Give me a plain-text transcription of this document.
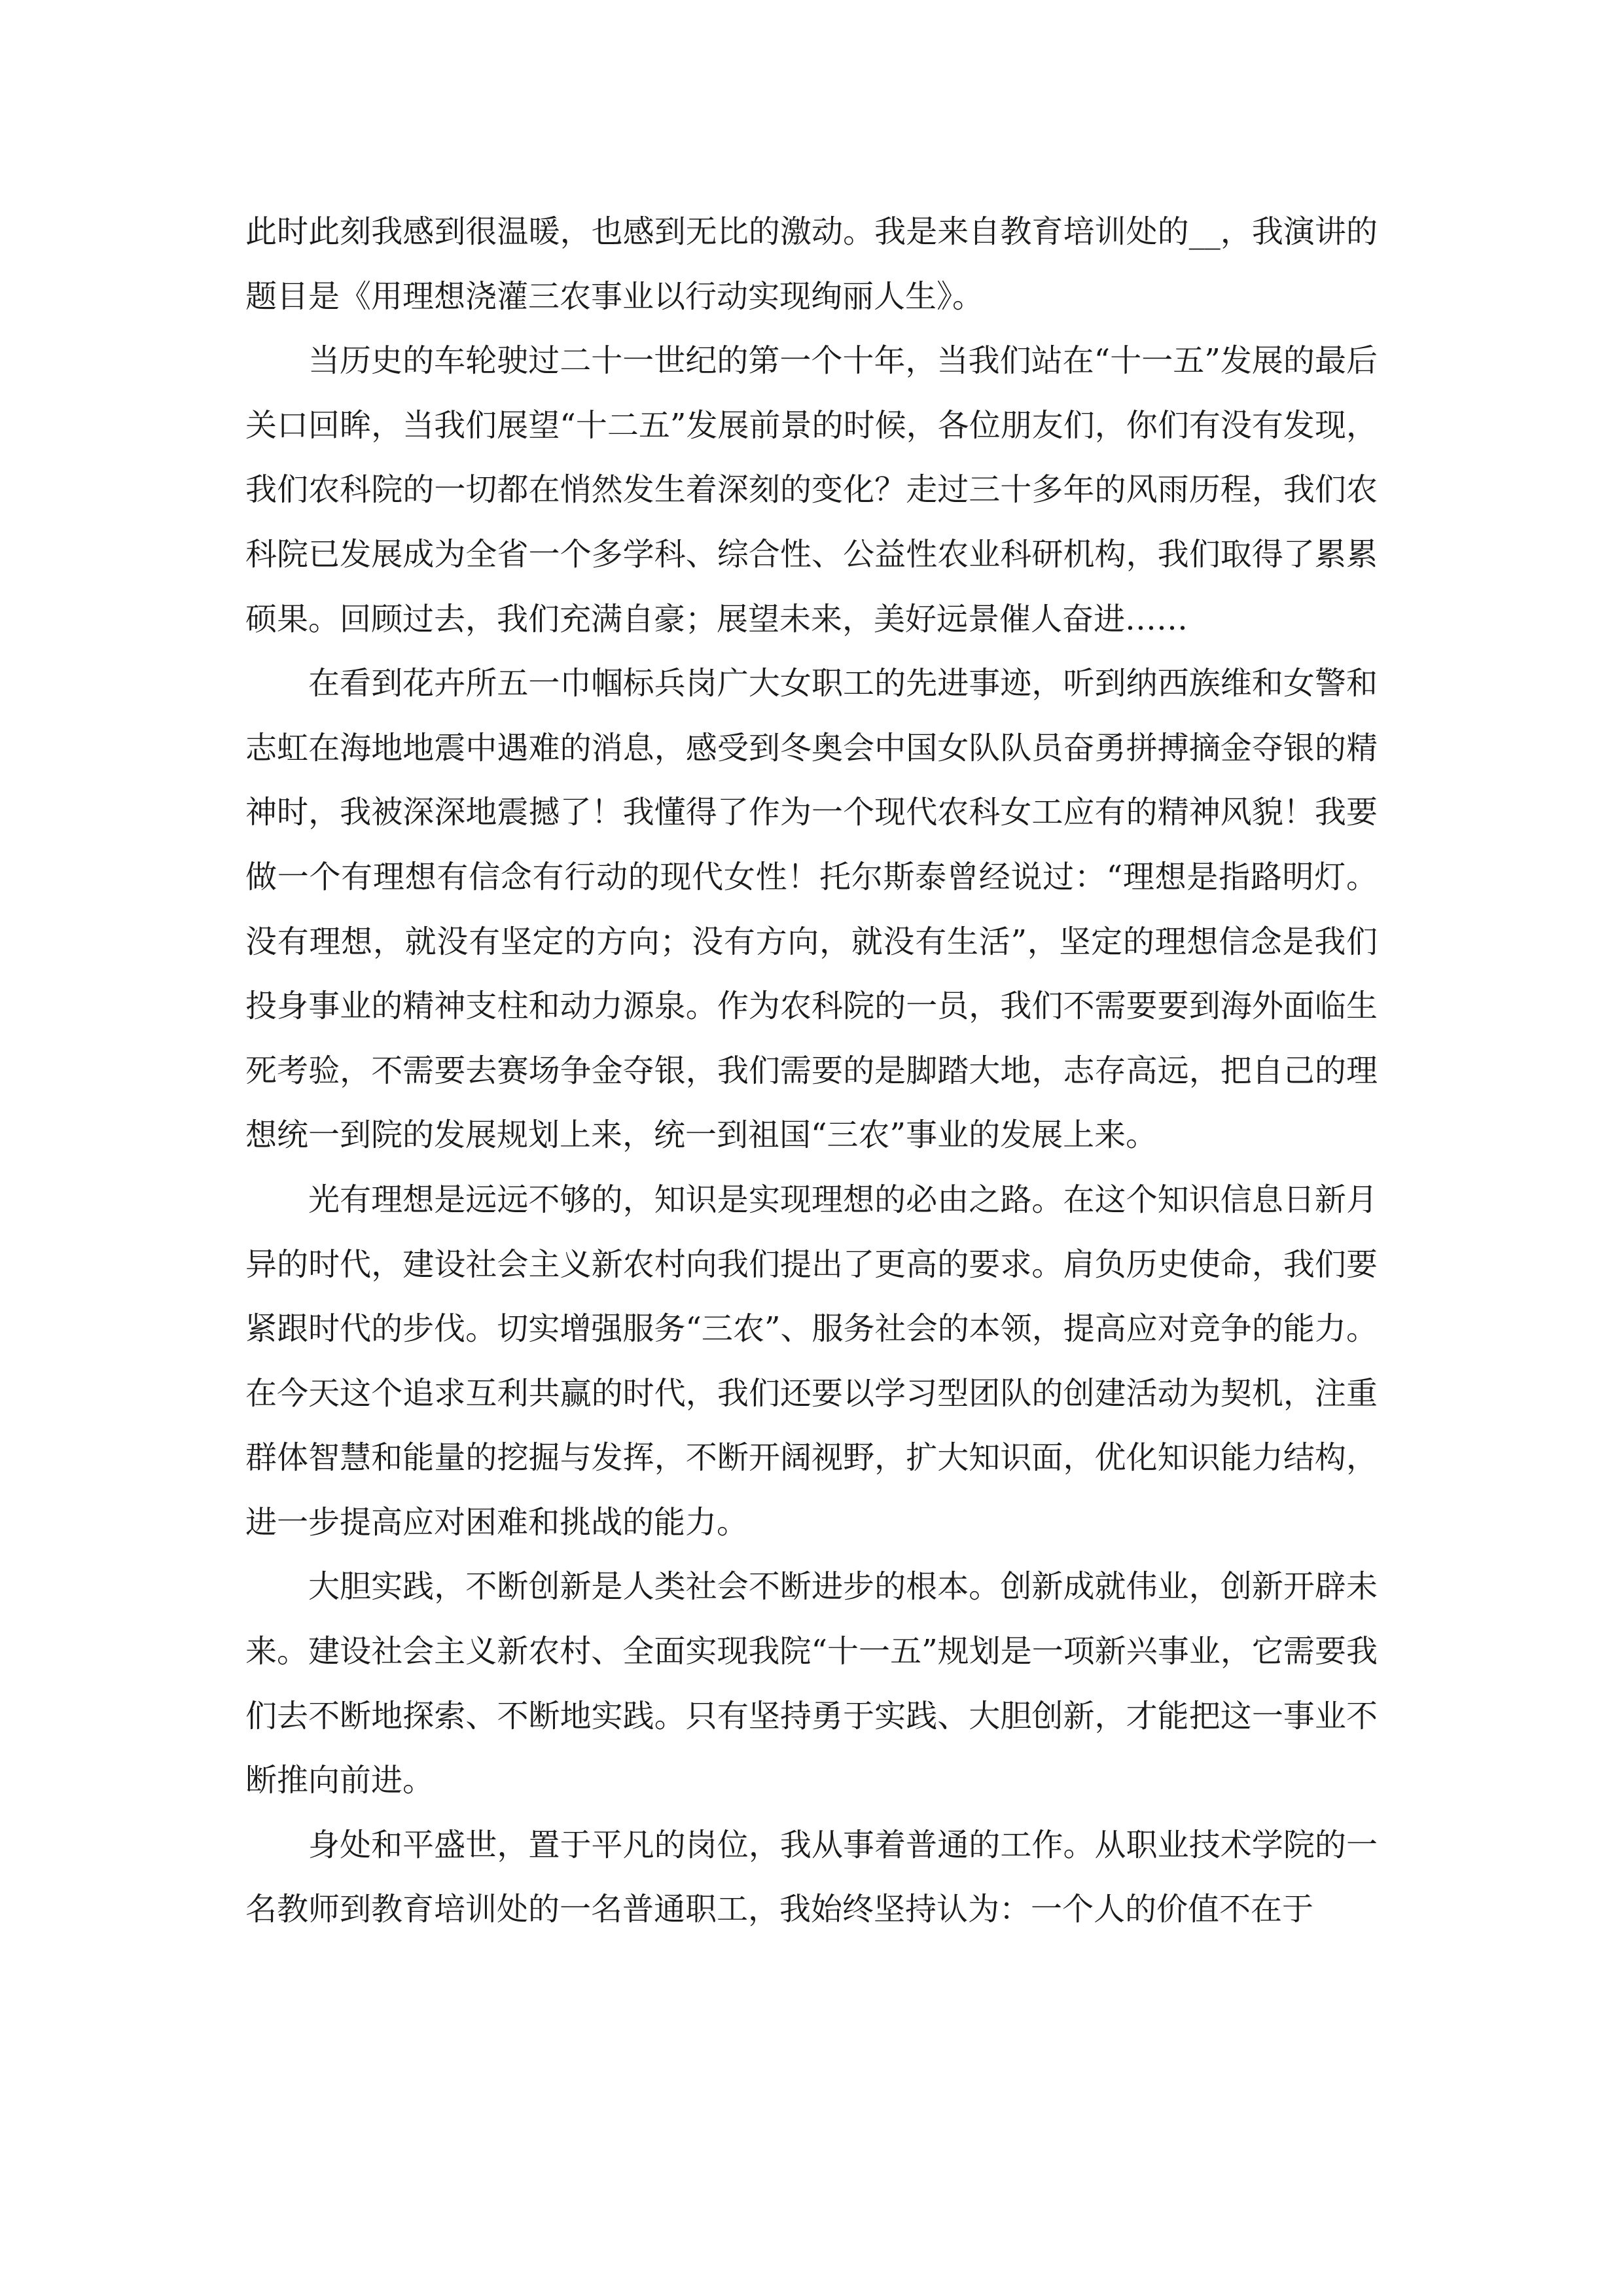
此时此刻我感到很温暖，也感到无比的激动。我是来自教育培训处的__，我演讲的题目是《用理想浇灌三农事业以行动实现绚丽人生》。

当历史的车轮驶过二十一世纪的第一个十年，当我们站在“十一五”发展的最后关口回眸，当我们展望“十二五”发展前景的时候，各位朋友们，你们有没有发现，我们农科院的一切都在悄然发生着深刻的变化？走过三十多年的风雨历程，我们农科院已发展成为全省一个多学科、综合性、公益性农业科研机构，我们取得了累累硕果。回顾过去，我们充满自豪；展望未来，美好远景催人奋进……

在看到花卉所五一巾帼标兵岗广大女职工的先进事迹，听到纳西族维和女警和志虹在海地地震中遇难的消息，感受到冬奥会中国女队队员奋勇拼搏摘金夺银的精神时，我被深深地震撼了！我懂得了作为一个现代农科女工应有的精神风貌！我要做一个有理想有信念有行动的现代女性！托尔斯泰曾经说过：“理想是指路明灯。没有理想，就没有坚定的方向；没有方向，就没有生活”，坚定的理想信念是我们投身事业的精神支柱和动力源泉。作为农科院的一员，我们不需要要到海外面临生死考验，不需要去赛场争金夺银，我们需要的是脚踏大地，志存高远，把自己的理想统一到院的发展规划上来，统一到祖国“三农”事业的发展上来。

光有理想是远远不够的，知识是实现理想的必由之路。在这个知识信息日新月异的时代，建设社会主义新农村向我们提出了更高的要求。肩负历史使命，我们要紧跟时代的步伐。切实增强服务“三农”、服务社会的本领，提高应对竞争的能力。在今天这个追求互利共赢的时代，我们还要以学习型团队的创建活动为契机，注重群体智慧和能量的挖掘与发挥，不断开阔视野，扩大知识面，优化知识能力结构，进一步提高应对困难和挑战的能力。

大胆实践，不断创新是人类社会不断进步的根本。创新成就伟业，创新开辟未来。建设社会主义新农村、全面实现我院“十一五”规划是一项新兴事业，它需要我们去不断地探索、不断地实践。只有坚持勇于实践、大胆创新，才能把这一事业不断推向前进。

身处和平盛世，置于平凡的岗位，我从事着普通的工作。从职业技术学院的一名教师到教育培训处的一名普通职工，我始终坚持认为：一个人的价值不在于
